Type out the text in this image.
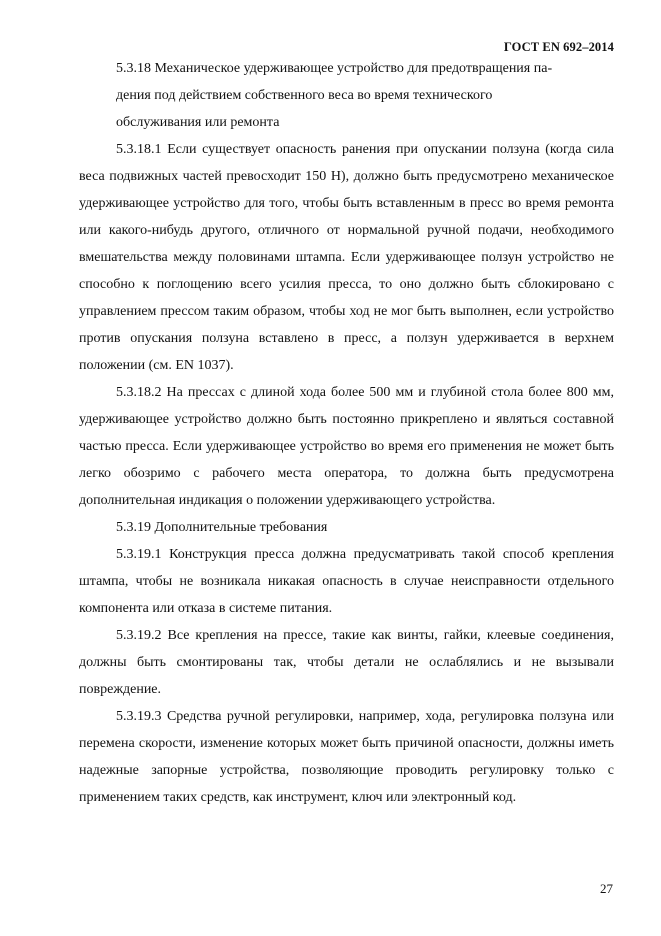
ГОСТ EN 692–2014

5.3.18 Механическое удерживающее устройство для предотвращения па-
дения под действием собственного веса во время технического
обслуживания или ремонта

5.3.18.1 Если существует опасность ранения при опускании ползуна (когда сила веса подвижных частей превосходит 150 Н), должно быть предусмотрено механическое удерживающее устройство для того, чтобы быть вставленным в пресс во время ремонта или какого-нибудь другого, отличного от нормальной ручной подачи, необходимого вмешательства между половинами штампа. Если удерживающее ползун устройство не способно к поглощению всего усилия пресса, то оно должно быть сблокировано с управлением прессом таким образом, чтобы ход не мог быть выполнен, если устройство против опускания ползуна вставлено в пресс, а ползун удерживается в верхнем положении (см. EN 1037).

5.3.18.2 На прессах с длиной хода более 500 мм и глубиной стола более 800 мм, удерживающее устройство должно быть постоянно прикреплено и являться составной частью пресса. Если удерживающее устройство во время его применения не может быть легко обозримо с рабочего места оператора, то должна быть предусмотрена дополнительная индикация о положении удерживающего устройства.

5.3.19 Дополнительные требования

5.3.19.1 Конструкция пресса должна предусматривать такой способ крепления штампа, чтобы не возникала никакая опасность в случае неисправности отдельного компонента или отказа в системе питания.

5.3.19.2 Все крепления на прессе, такие как винты, гайки, клеевые соединения, должны быть смонтированы так, чтобы детали не ослаблялись и не вызывали повреждение.

5.3.19.3 Средства ручной регулировки, например, хода, регулировка ползуна или перемена скорости, изменение которых может быть причиной опасности, должны иметь надежные запорные устройства, позволяющие проводить регулировку только с применением таких средств, как инструмент, ключ или электронный код.

27
